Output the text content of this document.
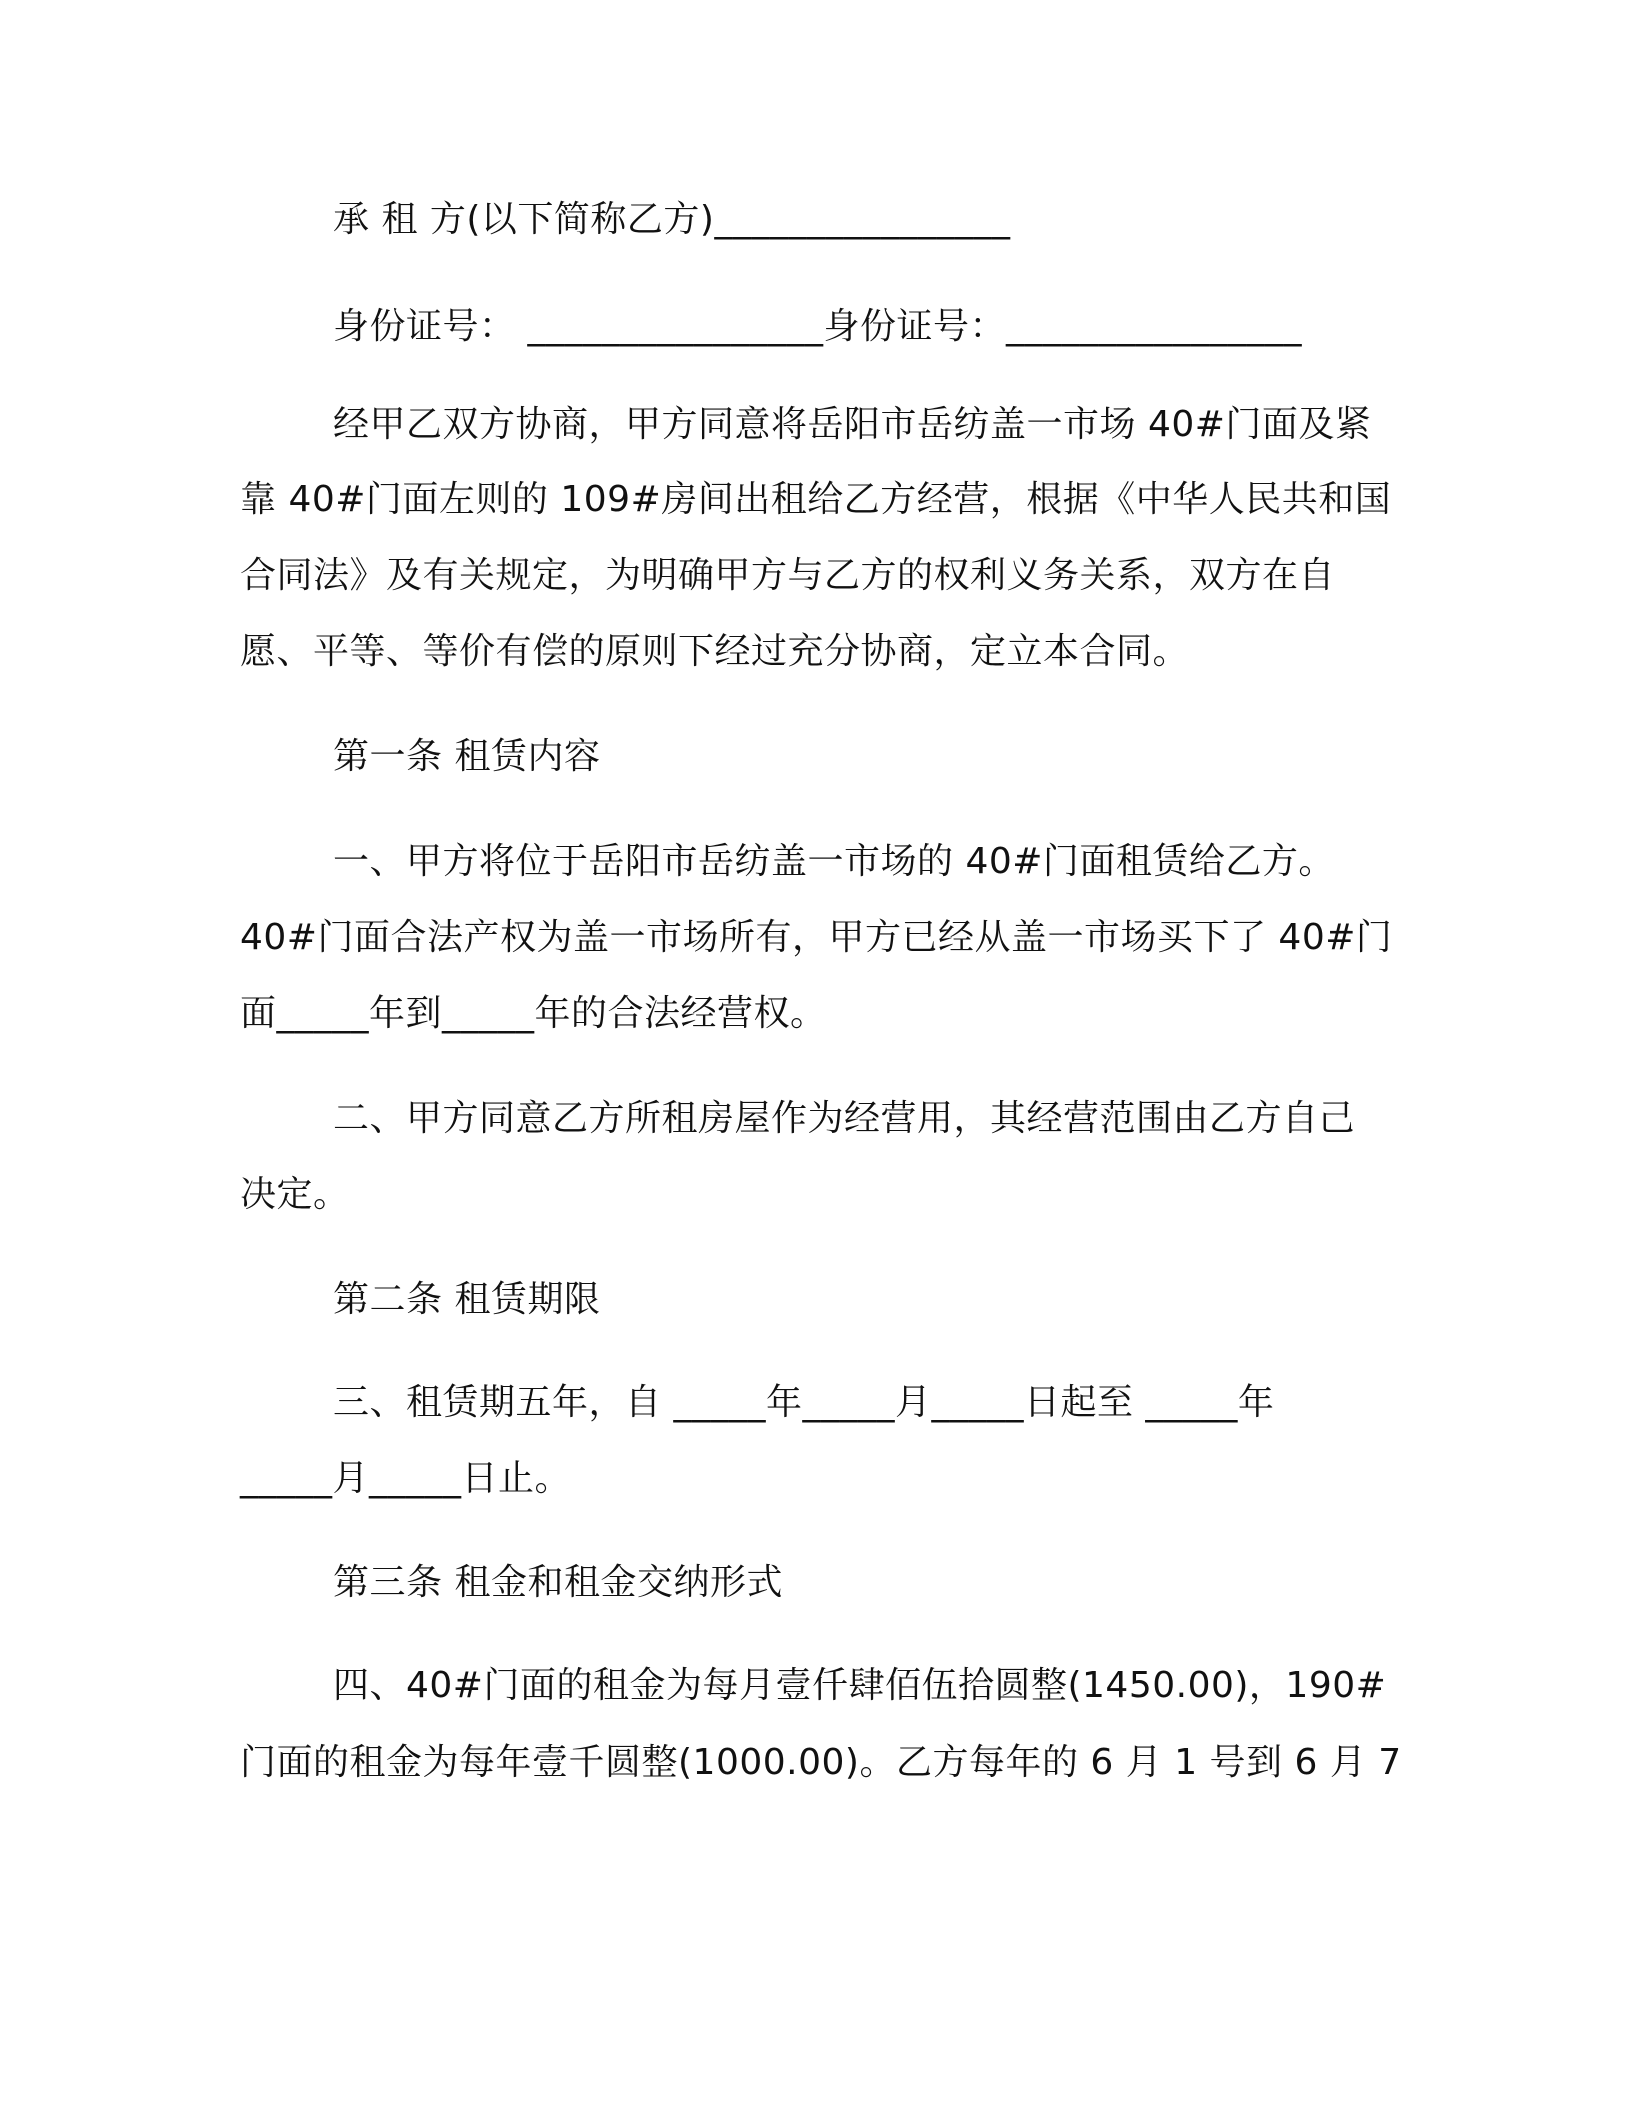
承 租 方(以下简称乙方)________________
身份证号： ________________身份证号：________________
经甲乙双方协商，甲方同意将岳阳市岳纺盖一市场 40#门面及紧
靠 40#门面左则的 109#房间出租给乙方经营，根据《中华人民共和国
合同法》及有关规定，为明确甲方与乙方的权利义务关系，双方在自
愿、平等、等价有偿的原则下经过充分协商，定立本合同。
第一条 租赁内容
一、甲方将位于岳阳市岳纺盖一市场的 40#门面租赁给乙方。
40#门面合法产权为盖一市场所有，甲方已经从盖一市场买下了 40#门
面_____年到_____年的合法经营权。
二、甲方同意乙方所租房屋作为经营用，其经营范围由乙方自己
决定。
第二条 租赁期限
三、租赁期五年，自 _____年_____月_____日起至 _____年
_____月_____日止。
第三条 租金和租金交纳形式
四、40#门面的租金为每月壹仟肆佰伍拾圆整(1450.00)，190#
门面的租金为每年壹千圆整(1000.00)。乙方每年的 6 月 1 号到 6 月 7
